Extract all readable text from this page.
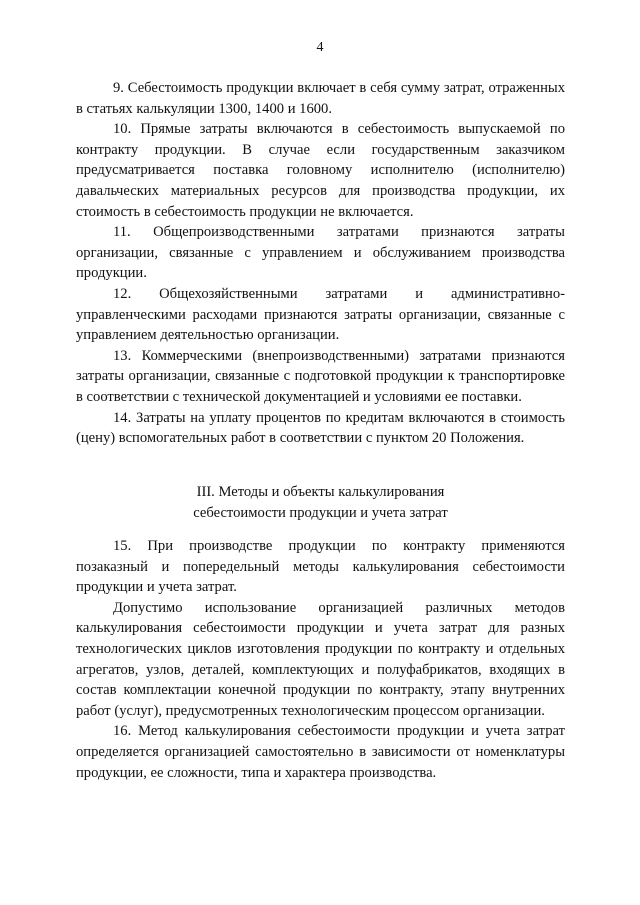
4

9. Себестоимость продукции включает в себя сумму затрат, отраженных в статьях калькуляции 1300, 1400 и 1600.

10. Прямые затраты включаются в себестоимость выпускаемой по контракту продукции. В случае если государственным заказчиком предусматривается поставка головному исполнителю (исполнителю) давальческих материальных ресурсов для производства продукции, их стоимость в себестоимость продукции не включается.

11. Общепроизводственными затратами признаются затраты организации, связанные с управлением и обслуживанием производства продукции.

12. Общехозяйственными затратами и административно-управленческими расходами признаются затраты организации, связанные с управлением деятельностью организации.

13. Коммерческими (внепроизводственными) затратами признаются затраты организации, связанные с подготовкой продукции к транспортировке в соответствии с технической документацией и условиями ее поставки.

14. Затраты на уплату процентов по кредитам включаются в стоимость (цену) вспомогательных работ в соответствии с пунктом 20 Положения.

III. Методы и объекты калькулирования
себестоимости продукции и учета затрат

15. При производстве продукции по контракту применяются позаказный и попередельный методы калькулирования себестоимости продукции и учета затрат.

Допустимо использование организацией различных методов калькулирования себестоимости продукции и учета затрат для разных технологических циклов изготовления продукции по контракту и отдельных агрегатов, узлов, деталей, комплектующих и полуфабрикатов, входящих в состав комплектации конечной продукции по контракту, этапу внутренних работ (услуг), предусмотренных технологическим процессом организации.

16. Метод калькулирования себестоимости продукции и учета затрат определяется организацией самостоятельно в зависимости от номенклатуры продукции, ее сложности, типа и характера производства.
